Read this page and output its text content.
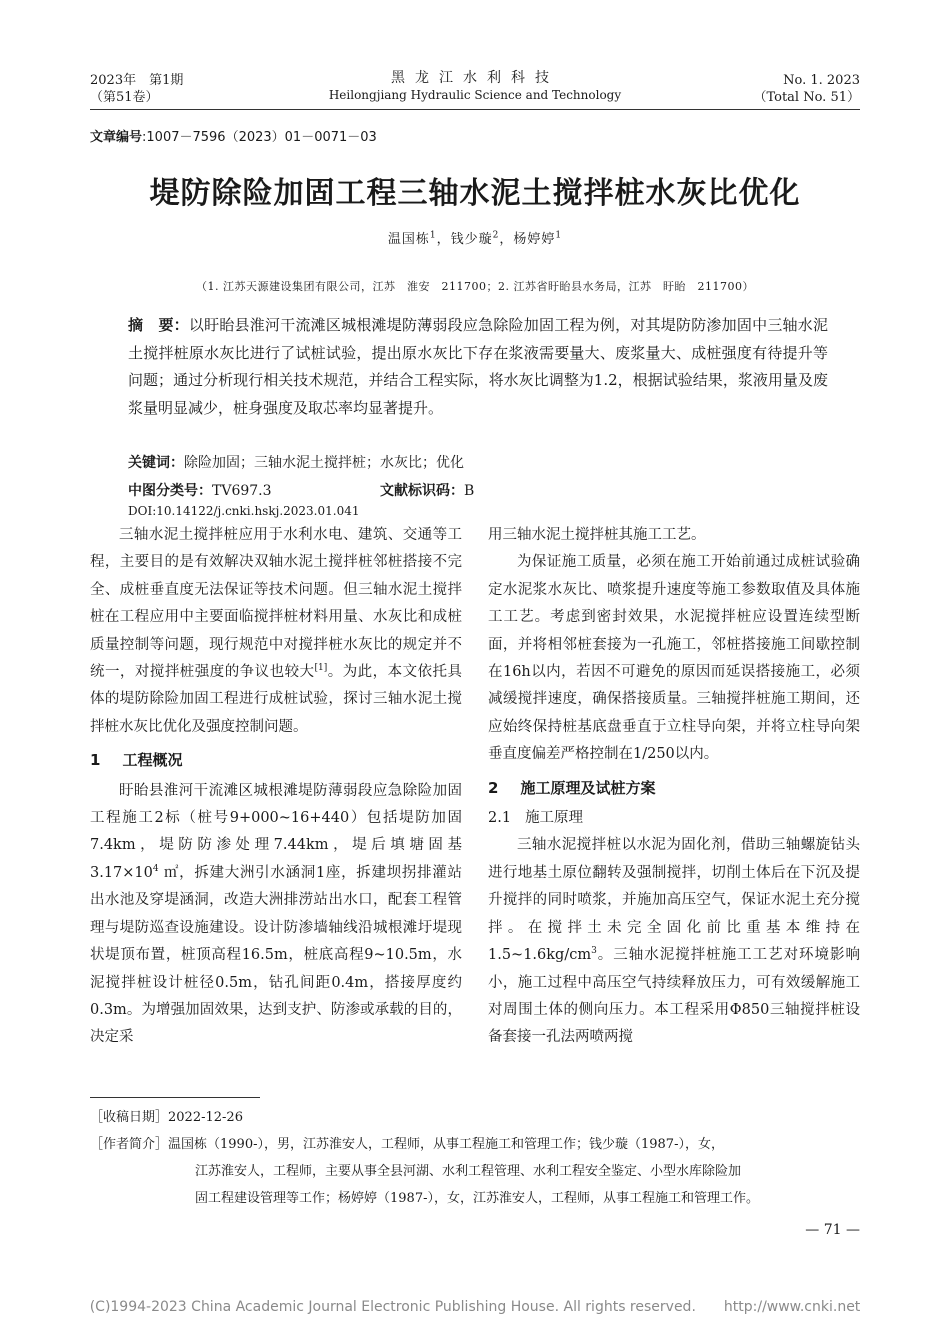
2023年　第1期
（第51卷）
黑龙江水利科技
Heilongjiang Hydraulic Science and Technology
No. 1. 2023
（Total No. 51）
文章编号:1007－7596（2023）01－0071－03
堤防除险加固工程三轴水泥土搅拌桩水灰比优化
温国栋$^1$，钱少璇$^2$，杨婷婷$^1$
（1. 江苏天源建设集团有限公司，江苏　淮安　211700；2. 江苏省盱眙县水务局，江苏　盱眙　211700）
摘　要：以盱眙县淮河干流滩区城根滩堤防薄弱段应急除险加固工程为例，对其堤防防渗加固中三轴水泥土搅拌桩原水灰比进行了试桩试验，提出原水灰比下存在浆液需要量大、废浆量大、成桩强度有待提升等问题；通过分析现行相关技术规范，并结合工程实际，将水灰比调整为1.2，根据试验结果，浆液用量及废浆量明显减少，桩身强度及取芯率均显著提升。
关键词：除险加固；三轴水泥土搅拌桩；水灰比；优化
中图分类号：TV697.3	文献标识码：B
DOI:10.14122/j.cnki.hskj.2023.01.041

三轴水泥土搅拌桩应用于水利水电、建筑、交通等工程，主要目的是有效解决双轴水泥土搅拌桩邻桩搭接不完全、成桩垂直度无法保证等技术问题。但三轴水泥土搅拌桩在工程应用中主要面临搅拌桩材料用量、水灰比和成桩质量控制等问题，现行规范中对搅拌桩水灰比的规定并不统一，对搅拌桩强度的争议也较大[1]。为此，本文依托具体的堤防除险加固工程进行成桩试验，探讨三轴水泥土搅拌桩水灰比优化及强度控制问题。

1 工程概况

盱眙县淮河干流滩区城根滩堤防薄弱段应急除险加固工程施工2标（桩号9+000~16+440）包括堤防加固7.4km，堤防防渗处理7.44km，堤后填塘固基$3.17\times 10^4$ ㎡，拆建大洲引水涵洞1座，拆建坝拐排灌站出水池及穿堤涵洞，改造大洲排涝站出水口，配套工程管理与堤防巡查设施建设。设计防渗墙轴线沿城根滩圩堤现状堤顶布置，桩顶高程16.5m，桩底高程9~10.5m，水泥搅拌桩设计桩径0.5m，钻孔间距0.4m，搭接厚度约0.3m。为增强加固效果，达到支护、防渗或承载的目的，决定采

用三轴水泥土搅拌桩其施工工艺。

为保证施工质量，必须在施工开始前通过成桩试验确定水泥浆水灰比、喷浆提升速度等施工参数取值及具体施工工艺。考虑到密封效果，水泥搅拌桩应设置连续型断面，并将相邻桩套接为一孔施工，邻桩搭接施工间歇控制在16h以内，若因不可避免的原因而延误搭接施工，必须减缓搅拌速度，确保搭接质量。三轴搅拌桩施工期间，还应始终保持桩基底盘垂直于立柱导向架，并将立柱导向架垂直度偏差严格控制在1/250以内。

2 施工原理及试桩方案
2.1 施工原理

三轴水泥搅拌桩以水泥为固化剂，借助三轴螺旋钻头进行地基土原位翻转及强制搅拌，切削土体后在下沉及提升搅拌的同时喷浆，并施加高压空气，保证水泥土充分搅拌。在搅拌土未完全固化前比重基本维持在$1.5\sim 1.6kg/cm^3$。三轴水泥搅拌桩施工工艺对环境影响小，施工过程中高压空气持续释放压力，可有效缓解施工对周围土体的侧向压力。本工程采用Φ850三轴搅拌桩设备套接一孔法两喷两搅

［收稿日期］2022-12-26
［作者简介］温国栋（1990-），男，江苏淮安人，工程师，从事工程施工和管理工作；钱少璇（1987-），女，
江苏淮安人，工程师，主要从事全县河湖、水利工程管理、水利工程安全鉴定、小型水库除险加
固工程建设管理等工作；杨婷婷（1987-），女，江苏淮安人，工程师，从事工程施工和管理工作。
— 71 —
(C)1994-2023 China Academic Journal Electronic Publishing House. All rights reserved.　　http://www.cnki.net
